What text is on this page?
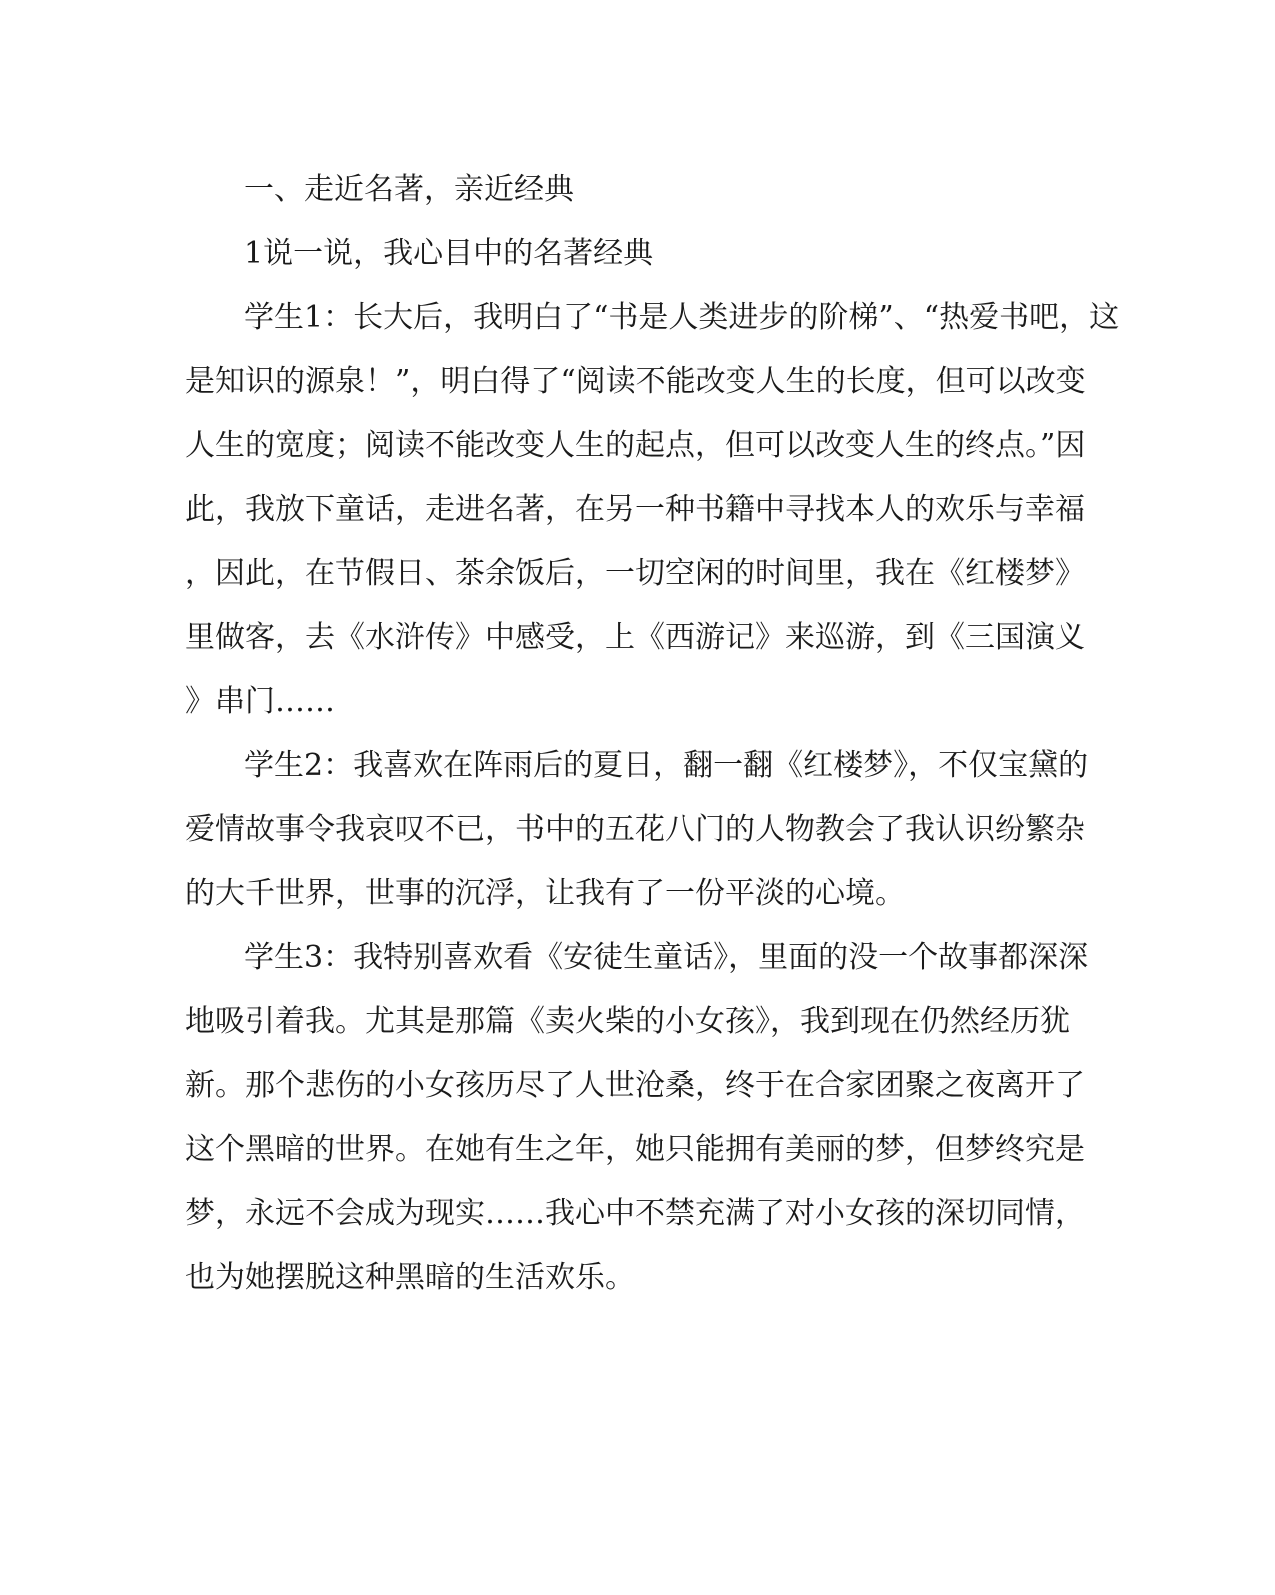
一、走近名著，亲近经典

1说一说，我心目中的名著经典

学生1：长大后，我明白了“书是人类进步的阶梯”、“热爱书吧，这

是知识的源泉！”，明白得了“阅读不能改变人生的长度，但可以改变

人生的宽度；阅读不能改变人生的起点，但可以改变人生的终点。”因

此，我放下童话，走进名著，在另一种书籍中寻找本人的欢乐与幸福

，因此，在节假日、茶余饭后，一切空闲的时间里，我在《红楼梦》

里做客，去《水浒传》中感受，上《西游记》来巡游，到《三国演义

》串门……

学生2：我喜欢在阵雨后的夏日，翻一翻《红楼梦》，不仅宝黛的

爱情故事令我哀叹不已，书中的五花八门的人物教会了我认识纷繁杂

的大千世界，世事的沉浮，让我有了一份平淡的心境。

学生3：我特别喜欢看《安徒生童话》，里面的没一个故事都深深

地吸引着我。尤其是那篇《卖火柴的小女孩》，我到现在仍然经历犹

新。那个悲伤的小女孩历尽了人世沧桑，终于在合家团聚之夜离开了

这个黑暗的世界。在她有生之年，她只能拥有美丽的梦，但梦终究是

梦，永远不会成为现实……我心中不禁充满了对小女孩的深切同情，

也为她摆脱这种黑暗的生活欢乐。
